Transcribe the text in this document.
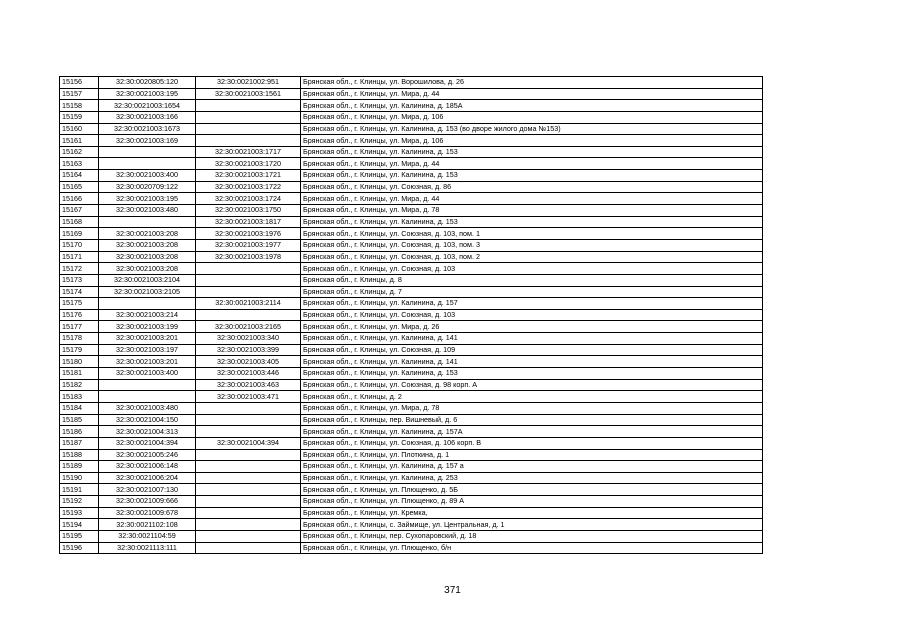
15156	32:30:0020805:120	32:30:0021002:951	Брянская обл., г. Клинцы, ул. Ворошилова, д. 26
15157	32:30:0021003:195	32:30:0021003:1561	Брянская обл., г. Клинцы, ул. Мира, д. 44
15158	32:30:0021003:1654		Брянская обл., г. Клинцы, ул. Калинина, д. 185А
15159	32:30:0021003:166		Брянская обл., г. Клинцы, ул. Мира, д. 106
15160	32:30:0021003:1673		Брянская обл., г. Клинцы, ул. Калинина, д. 153 (во дворе жилого дома №153)
15161	32:30:0021003:169		Брянская обл., г. Клинцы, ул. Мира, д. 106
15162		32:30:0021003:1717	Брянская обл., г. Клинцы, ул. Калинина, д. 153
15163		32:30:0021003:1720	Брянская обл., г. Клинцы, ул. Мира, д. 44
15164	32:30:0021003:400	32:30:0021003:1721	Брянская обл., г. Клинцы, ул. Калинина, д. 153
15165	32:30:0020709:122	32:30:0021003:1722	Брянская обл., г. Клинцы, ул. Союзная, д. 86
15166	32:30:0021003:195	32:30:0021003:1724	Брянская обл., г. Клинцы, ул. Мира, д. 44
15167	32:30:0021003:480	32:30:0021003:1750	Брянская обл., г. Клинцы, ул. Мира, д. 78
15168		32:30:0021003:1817	Брянская обл., г. Клинцы, ул. Калинина, д. 153
15169	32:30:0021003:208	32:30:0021003:1976	Брянская обл., г. Клинцы, ул. Союзная, д. 103, пом. 1
15170	32:30:0021003:208	32:30:0021003:1977	Брянская обл., г. Клинцы, ул. Союзная, д. 103, пом. 3
15171	32:30:0021003:208	32:30:0021003:1978	Брянская обл., г. Клинцы, ул. Союзная, д. 103, пом. 2
15172	32:30:0021003:208		Брянская обл., г. Клинцы, ул. Союзная, д. 103
15173	32:30:0021003:2104		Брянская обл., г. Клинцы, д. 8
15174	32:30:0021003:2105		Брянская обл., г. Клинцы, д. 7
15175		32:30:0021003:2114	Брянская обл., г. Клинцы, ул. Калинина, д. 157
15176	32:30:0021003:214		Брянская обл., г. Клинцы, ул. Союзная, д. 103
15177	32:30:0021003:199	32:30:0021003:2165	Брянская обл., г. Клинцы, ул. Мира, д. 26
15178	32:30:0021003:201	32:30:0021003:340	Брянская обл., г. Клинцы, ул. Калинина, д. 141
15179	32:30:0021003:197	32:30:0021003:399	Брянская обл., г. Клинцы, ул. Союзная, д. 109
15180	32:30:0021003:201	32:30:0021003:405	Брянская обл., г. Клинцы, ул. Калинина, д. 141
15181	32:30:0021003:400	32:30:0021003:446	Брянская обл., г. Клинцы, ул. Калинина, д. 153
15182		32:30:0021003:463	Брянская обл., г. Клинцы, ул. Союзная, д. 98 корп. А
15183		32:30:0021003:471	Брянская обл., г. Клинцы, д. 2
15184	32:30:0021003:480		Брянская обл., г. Клинцы, ул. Мира, д. 78
15185	32:30:0021004:150		Брянская обл., г. Клинцы, пер. Вишневый, д. 6
15186	32:30:0021004:313		Брянская обл., г. Клинцы, ул. Калинина, д. 157А
15187	32:30:0021004:394	32:30:0021004:394	Брянская обл., г. Клинцы, ул. Союзная, д. 106 корп. В
15188	32:30:0021005:246		Брянская обл., г. Клинцы, ул. Плоткина, д. 1
15189	32:30:0021006:148		Брянская обл., г. Клинцы, ул. Калинина, д. 157 а
15190	32:30:0021006:204		Брянская обл., г. Клинцы, ул. Калинина, д. 253
15191	32:30:0021007:130		Брянская обл., г. Клинцы, ул. Плющенко, д. 5Б
15192	32:30:0021009:666		Брянская обл., г. Клинцы, ул. Плющенко, д. 89 А
15193	32:30:0021009:678		Брянская обл., г. Клинцы, ул. Кремка,
15194	32:30:0021102:108		Брянская обл., г. Клинцы, с. Займище, ул. Центральная, д. 1
15195	32:30:0021104:59		Брянская обл., г. Клинцы, пер. Сухопаровский, д. 18
15196	32:30:0021113:111		Брянская обл., г. Клинцы, ул. Плющенко, б/н
371
